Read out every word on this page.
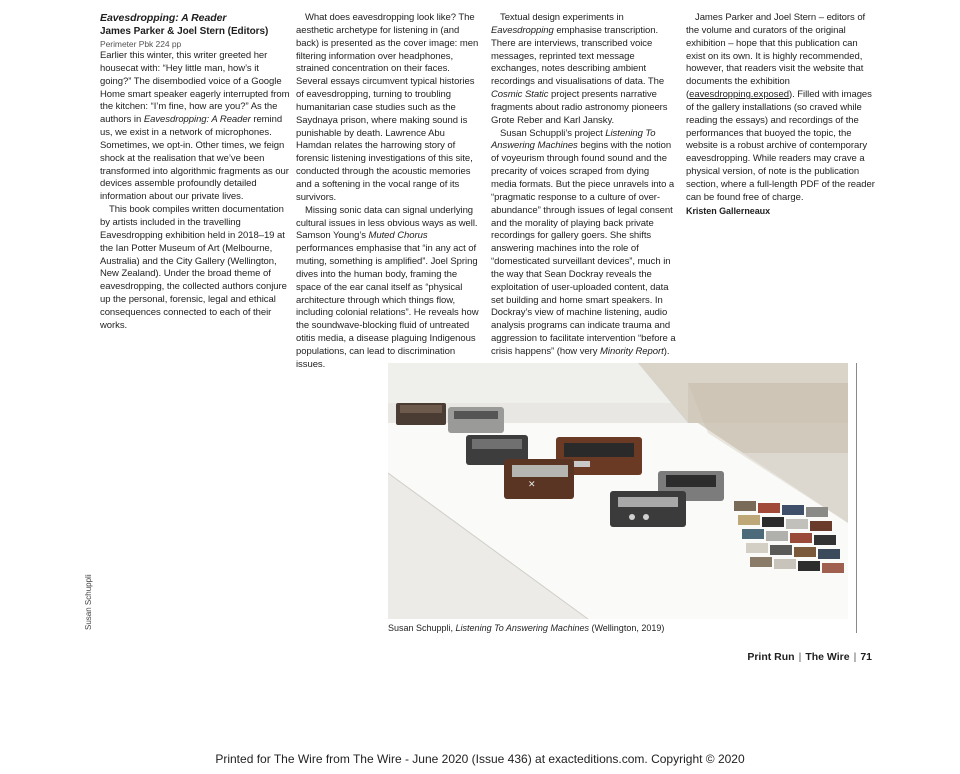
Eavesdropping: A Reader
James Parker & Joel Stern (Editors)
Perimeter Pbk 224 pp

Earlier this winter, this writer greeted her housecat with: “Hey little man, how’s it going?” The disembodied voice of a Google Home smart speaker eagerly interrupted from the kitchen: “I’m fine, how are you?” As the authors in Eavesdropping: A Reader remind us, we exist in a network of microphones. Sometimes, we opt-in. Other times, we feign shock at the realisation that we’ve been transformed into algorithmic fragments as our devices assemble profoundly detailed information about our private lives.

This book compiles written documentation by artists included in the travelling Eavesdropping exhibition held in 2018–19 at the Ian Potter Museum of Art (Melbourne, Australia) and the City Gallery (Wellington, New Zealand). Under the broad theme of eavesdropping, the collected authors conjure up the personal, forensic, legal and ethical consequences connected to each of their works.

What does eavesdropping look like? The aesthetic archetype for listening in (and back) is presented as the cover image: men filtering information over headphones, strained concentration on their faces. Several essays circumvent typical histories of eavesdropping, turning to troubling humanitarian case studies such as the Saydnaya prison, where making sound is punishable by death. Lawrence Abu Hamdan relates the harrowing story of forensic listening investigations of this site, conducted through the acoustic memories and a softening in the vocal range of its survivors.

Missing sonic data can signal underlying cultural issues in less obvious ways as well. Samson Young’s Muted Chorus performances emphasise that “in any act of muting, something is amplified”. Joel Spring dives into the human body, framing the space of the ear canal itself as “physical architecture through which things flow, including colonial relations”. He reveals how the soundwave-blocking fluid of untreated otitis media, a disease plaguing Indigenous populations, can lead to discrimination issues.

Textual design experiments in Eavesdropping emphasise transcription. There are interviews, transcribed voice messages, reprinted text message exchanges, notes describing ambient recordings and visualisations of data. The Cosmic Static project presents narrative fragments about radio astronomy pioneers Grote Reber and Karl Jansky.

Susan Schuppli’s project Listening To Answering Machines begins with the notion of voyeurism through found sound and the precarity of voices scraped from dying media formats. But the piece unravels into a “pragmatic response to a culture of over-abundance” through issues of legal consent and the morality of playing back private recordings for gallery goers. She shifts answering machines into the role of “domesticated surveillant devices”, much in the way that Sean Dockray reveals the exploitation of user-uploaded content, data set building and home smart speakers. In Dockray’s view of machine listening, audio analysis programs can indicate trauma and aggression to facilitate intervention “before a crisis happens” (how very Minority Report).

James Parker and Joel Stern – editors of the volume and curators of the original exhibition – hope that this publication can exist on its own. It is highly recommended, however, that readers visit the website that documents the exhibition (eavesdropping.exposed). Filled with images of the gallery installations (so craved while reading the essays) and recordings of the performances that buoyed the topic, the website is a robust archive of contemporary eavesdropping. While readers may crave a physical version, of note is the publication section, where a full-length PDF of the reader can be found free of charge.

Kristen Gallerneaux
✕
Susan Schuppli, Listening To Answering Machines (Wellington, 2019)
Susan Schuppli
Print Run | The Wire | 71
Printed for The Wire from The Wire - June 2020 (Issue 436) at exacteditions.com. Copyright © 2020
